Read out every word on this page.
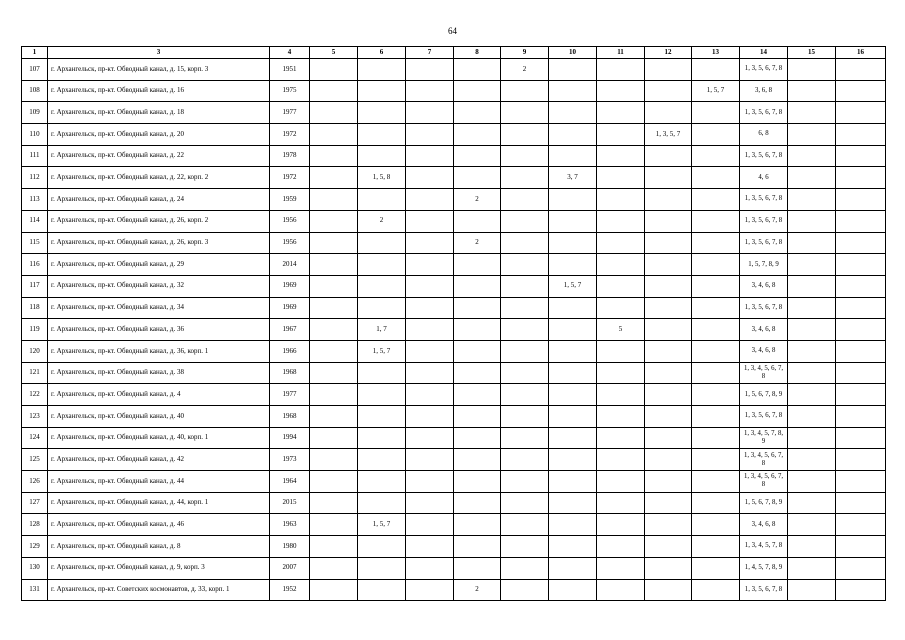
64
1	3	4	5	6	7	8	9	10	11	12	13	14	15	16
107	г. Архангельск, пр-кт. Обводный канал, д. 15, корп. 3	1951					2					1, 3, 5, 6, 7, 8		
108	г. Архангельск, пр-кт. Обводный канал, д. 16	1975									1, 5, 7	3, 6, 8		
109	г. Архангельск, пр-кт. Обводный канал, д. 18	1977										1, 3, 5, 6, 7, 8		
110	г. Архангельск, пр-кт. Обводный канал, д. 20	1972								1, 3, 5, 7		6, 8		
111	г. Архангельск, пр-кт. Обводный канал, д. 22	1978										1, 3, 5, 6, 7, 8		
112	г. Архангельск, пр-кт. Обводный канал, д. 22, корп. 2	1972		1, 5, 8				3, 7				4, 6		
113	г. Архангельск, пр-кт. Обводный канал, д. 24	1959				2						1, 3, 5, 6, 7, 8		
114	г. Архангельск, пр-кт. Обводный канал, д. 26, корп. 2	1956		2								1, 3, 5, 6, 7, 8		
115	г. Архангельск, пр-кт. Обводный канал, д. 26, корп. 3	1956				2						1, 3, 5, 6, 7, 8		
116	г. Архангельск, пр-кт. Обводный канал, д. 29	2014										1, 5, 7, 8, 9		
117	г. Архангельск, пр-кт. Обводный канал, д. 32	1969						1, 5, 7				3, 4, 6, 8		
118	г. Архангельск, пр-кт. Обводный канал, д. 34	1969										1, 3, 5, 6, 7, 8		
119	г. Архангельск, пр-кт. Обводный канал, д. 36	1967		1, 7					5			3, 4, 6, 8		
120	г. Архангельск, пр-кт. Обводный канал, д. 36, корп. 1	1966		1, 5, 7								3, 4, 6, 8		
121	г. Архангельск, пр-кт. Обводный канал, д. 38	1968										1, 3, 4, 5, 6, 7, 8		
122	г. Архангельск, пр-кт. Обводный канал, д. 4	1977										1, 5, 6, 7, 8, 9		
123	г. Архангельск, пр-кт. Обводный канал, д. 40	1968										1, 3, 5, 6, 7, 8		
124	г. Архангельск, пр-кт. Обводный канал, д. 40, корп. 1	1994										1, 3, 4, 5, 7, 8, 9		
125	г. Архангельск, пр-кт. Обводный канал, д. 42	1973										1, 3, 4, 5, 6, 7, 8		
126	г. Архангельск, пр-кт. Обводный канал, д. 44	1964										1, 3, 4, 5, 6, 7, 8		
127	г. Архангельск, пр-кт. Обводный канал, д. 44, корп. 1	2015										1, 5, 6, 7, 8, 9		
128	г. Архангельск, пр-кт. Обводный канал, д. 46	1963		1, 5, 7								3, 4, 6, 8		
129	г. Архангельск, пр-кт. Обводный канал, д. 8	1980										1, 3, 4, 5, 7, 8		
130	г. Архангельск, пр-кт. Обводный канал, д. 9, корп. 3	2007										1, 4, 5, 7, 8, 9		
131	г. Архангельск, пр-кт. Советских космонавтов, д. 33, корп. 1	1952				2						1, 3, 5, 6, 7, 8		
